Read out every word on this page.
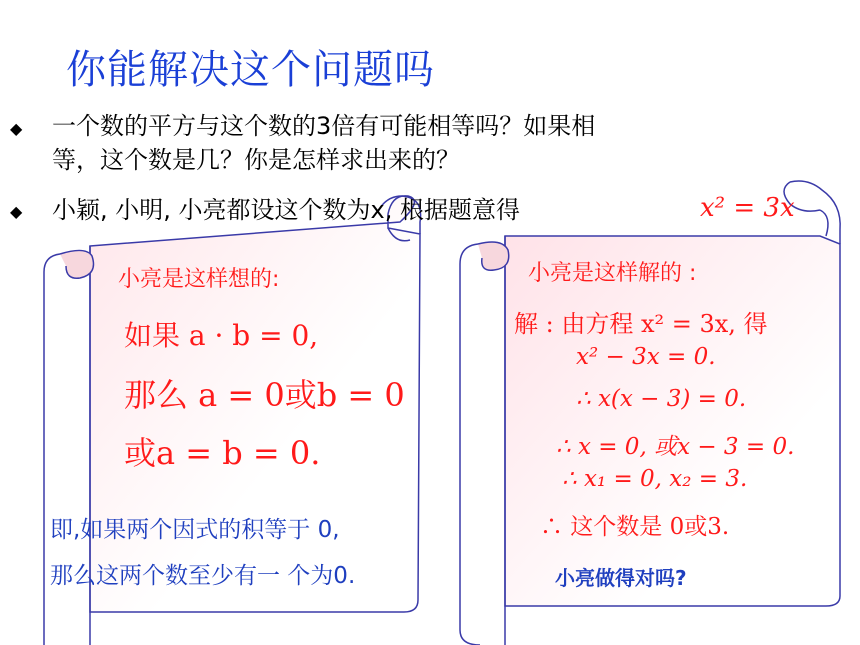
你能解决这个问题吗
◆ 一个数的平方与这个数的3倍有可能相等吗？如果相
等，这个数是几？你是怎样求出来的？
◆ 小颖, 小明, 小亮都设这个数为x, 根据题意得	x² = 3x
小亮是这样想的:
如果 a · b = 0,
那么 a = 0或b = 0
或a = b = 0.
即,如果两个因式的积等于 0,
那么这两个数至少有一 个为0.
小亮是这样解的 :
解 : 由方程 x² = 3x, 得
x² − 3x = 0.
∴ x(x − 3) = 0.
∴ x = 0, 或x − 3 = 0.
∴ x₁ = 0, x₂ = 3.
∴ 这个数是 0或3.
小亮做得对吗?
